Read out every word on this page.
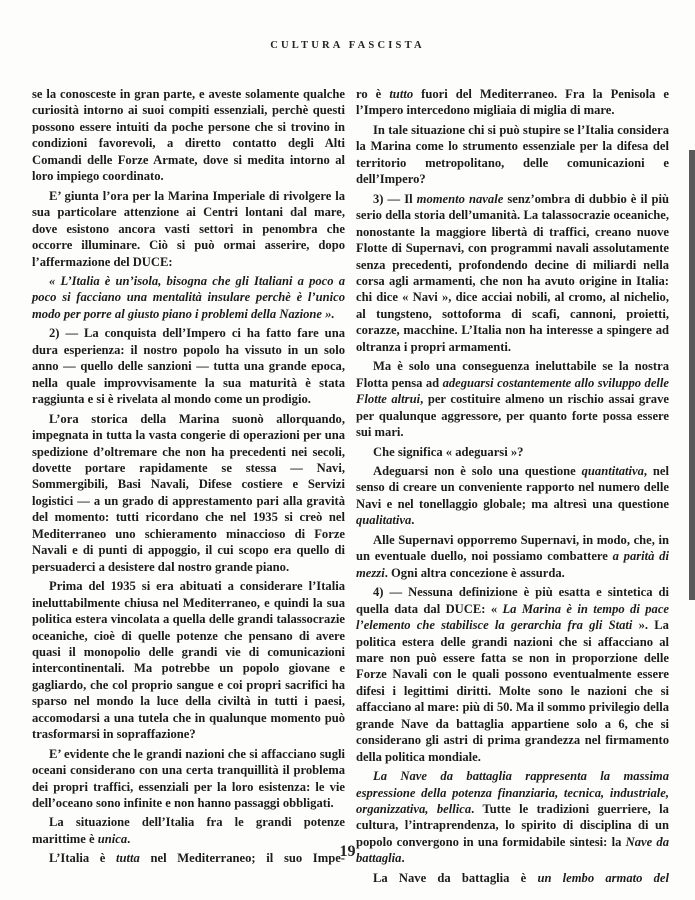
CULTURA FASCISTA

se la conosceste in gran parte, e aveste solamente qualche curiosità intorno ai suoi compiti essenziali, perchè questi possono essere intuiti da poche persone che si trovino in condizioni favorevoli, a diretto contatto degli Alti Comandi delle Forze Armate, dove si medita intorno al loro impiego coordinato.

E’ giunta l’ora per la Marina Imperiale di rivolgere la sua particolare attenzione ai Centri lontani dal mare, dove esistono ancora vasti settori in penombra che occorre illuminare. Ciò si può ormai asserire, dopo l’affermazione del DUCE:

« L’Italia è un’isola, bisogna che gli Italiani a poco a poco si facciano una mentalità insulare perchè è l’unico modo per porre al giusto piano i problemi della Nazione ».

2) — La conquista dell’Impero ci ha fatto fare una dura esperienza: il nostro popolo ha vissuto in un solo anno — quello delle sanzioni — tutta una grande epoca, nella quale improvvisamente la sua maturità è stata raggiunta e si è rivelata al mondo come un prodigio.

L’ora storica della Marina suonò allorquando, impegnata in tutta la vasta congerie di operazioni per una spedizione d’oltremare che non ha precedenti nei secoli, dovette portare rapidamente se stessa — Navi, Sommergibili, Basi Navali, Difese costiere e Servizi logistici — a un grado di apprestamento pari alla gravità del momento: tutti ricordano che nel 1935 si creò nel Mediterraneo uno schieramento minaccioso di Forze Navali e di punti di appoggio, il cui scopo era quello di persuaderci a desistere dal nostro grande piano.

Prima del 1935 si era abituati a considerare l’Italia ineluttabilmente chiusa nel Mediterraneo, e quindi la sua politica estera vincolata a quella delle grandi talassocrazie oceaniche, cioè di quelle potenze che pensano di avere quasi il monopolio delle grandi vie di comunicazioni intercontinentali. Ma potrebbe un popolo giovane e gagliardo, che col proprio sangue e coi propri sacrifici ha sparso nel mondo la luce della civiltà in tutti i paesi, accomodarsi a una tutela che in qualunque momento può trasformarsi in sopraffazione?

E’ evidente che le grandi nazioni che si affacciano sugli oceani considerano con una certa tranquillità il problema dei propri traffici, essenziali per la loro esistenza: le vie dell’oceano sono infinite e non hanno passaggi obbligati.

La situazione dell’Italia fra le grandi potenze marittime è unica.

L’Italia è tutta nel Mediterraneo; il suo Impe-

ro è tutto fuori del Mediterraneo. Fra la Penisola e l’Impero intercedono migliaia di miglia di mare.

In tale situazione chi si può stupire se l’Italia considera la Marina come lo strumento essenziale per la difesa del territorio metropolitano, delle comunicazioni e dell’Impero?

3) — Il momento navale senz’ombra di dubbio è il più serio della storia dell’umanità. La talassocrazie oceaniche, nonostante la maggiore libertà di traffici, creano nuove Flotte di Supernavi, con programmi navali assolutamente senza precedenti, profondendo decine di miliardi nella corsa agli armamenti, che non ha avuto origine in Italia: chi dice « Navi », dice acciai nobili, al cromo, al nichelio, al tungsteno, sottoforma di scafi, cannoni, proietti, corazze, macchine. L’Italia non ha interesse a spingere ad oltranza i propri armamenti.

Ma è solo una conseguenza ineluttabile se la nostra Flotta pensa ad adeguarsi costantemente allo sviluppo delle Flotte altrui, per costituire almeno un rischio assai grave per qualunque aggressore, per quanto forte possa essere sui mari.

Che significa « adeguarsi »?

Adeguarsi non è solo una questione quantitativa, nel senso di creare un conveniente rapporto nel numero delle Navi e nel tonellaggio globale; ma altresì una questione qualitativa.

Alle Supernavi opporremo Supernavi, in modo, che, in un eventuale duello, noi possiamo combattere a parità di mezzi. Ogni altra concezione è assurda.

4) — Nessuna definizione è più esatta e sintetica di quella data dal DUCE: « La Marina è in tempo di pace l’elemento che stabilisce la gerarchia fra gli Stati ». La politica estera delle grandi nazioni che si affacciano al mare non può essere fatta se non in proporzione delle Forze Navali con le quali possono eventualmente essere difesi i legittimi diritti. Molte sono le nazioni che si affacciano al mare: più di 50. Ma il sommo privilegio della grande Nave da battaglia appartiene solo a 6, che si considerano gli astri di prima grandezza nel firmamento della politica mondiale.

La Nave da battaglia rappresenta la massima espressione della potenza finanziaria, tecnica, industriale, organizzativa, bellica. Tutte le tradizioni guerriere, la cultura, l’intraprendenza, lo spirito di disciplina di un popolo convergono in una formidabile sintesi: la Nave da battaglia.

La Nave da battaglia è un lembo armato del

19
